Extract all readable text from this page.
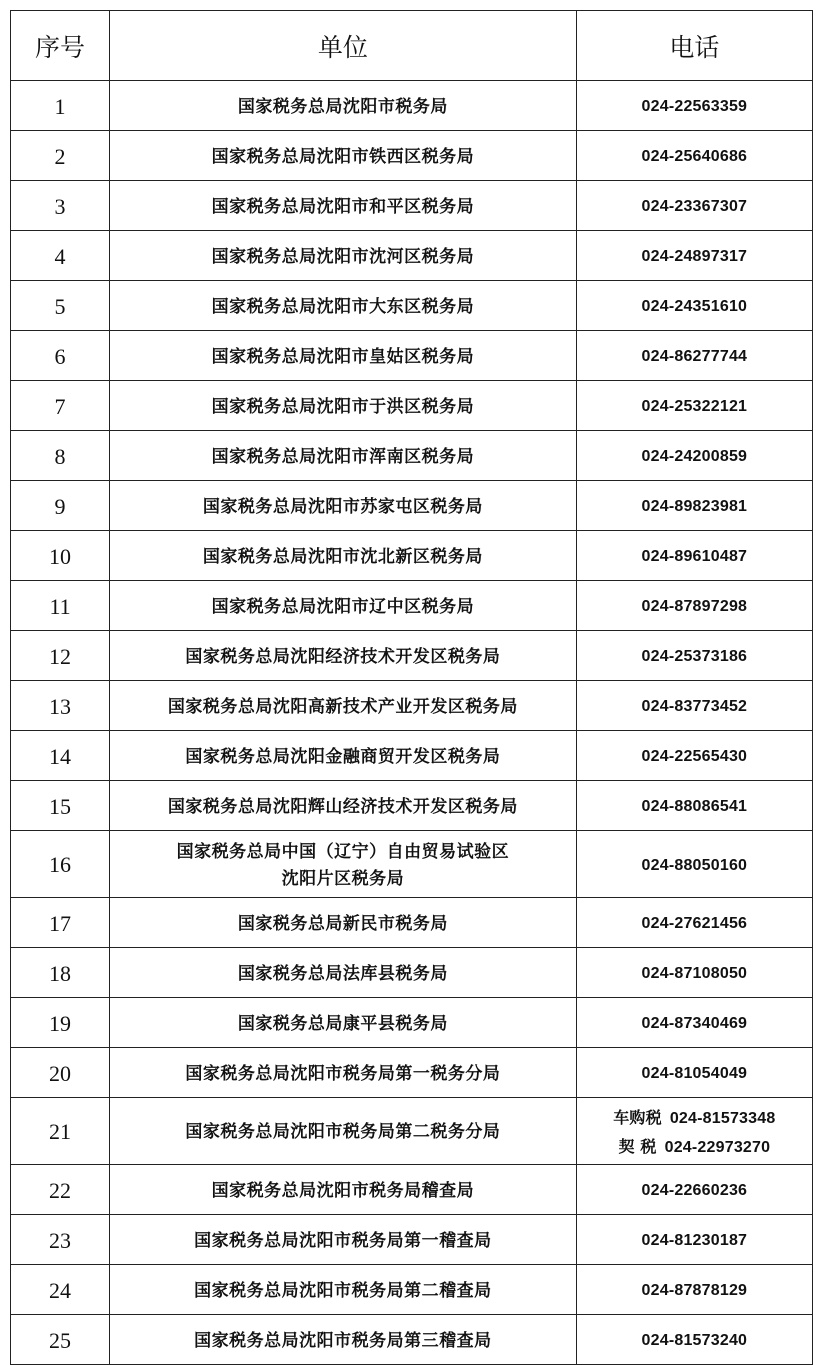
序号	单位	电话
1	国家税务总局沈阳市税务局	024-22563359

2	国家税务总局沈阳市铁西区税务局	024-25640686

3	国家税务总局沈阳市和平区税务局	024-23367307

4	国家税务总局沈阳市沈河区税务局	024-24897317

5	国家税务总局沈阳市大东区税务局	024-24351610

6	国家税务总局沈阳市皇姑区税务局	024-86277744

7	国家税务总局沈阳市于洪区税务局	024-25322121

8	国家税务总局沈阳市浑南区税务局	024-24200859

9	国家税务总局沈阳市苏家屯区税务局	024-89823981

10	国家税务总局沈阳市沈北新区税务局	024-89610487

11	国家税务总局沈阳市辽中区税务局	024-87897298

12	国家税务总局沈阳经济技术开发区税务局	024-25373186

13	国家税务总局沈阳高新技术产业开发区税务局	024-83773452

14	国家税务总局沈阳金融商贸开发区税务局	024-22565430

15	国家税务总局沈阳辉山经济技术开发区税务局	024-88086541

16	国家税务总局中国（辽宁）自由贸易试验区
沈阳片区税务局	024-88050160

17	国家税务总局新民市税务局	024-27621456

18	国家税务总局法库县税务局	024-87108050

19	国家税务总局康平县税务局	024-87340469

20	国家税务总局沈阳市税务局第一税务分局	024-81054049

21	国家税务总局沈阳市税务局第二税务分局	车购税 024-81573348
契 税 024-22973270

22	国家税务总局沈阳市税务局稽查局	024-22660236

23	国家税务总局沈阳市税务局第一稽查局	024-81230187

24	国家税务总局沈阳市税务局第二稽查局	024-87878129

25	国家税务总局沈阳市税务局第三稽查局	024-81573240
